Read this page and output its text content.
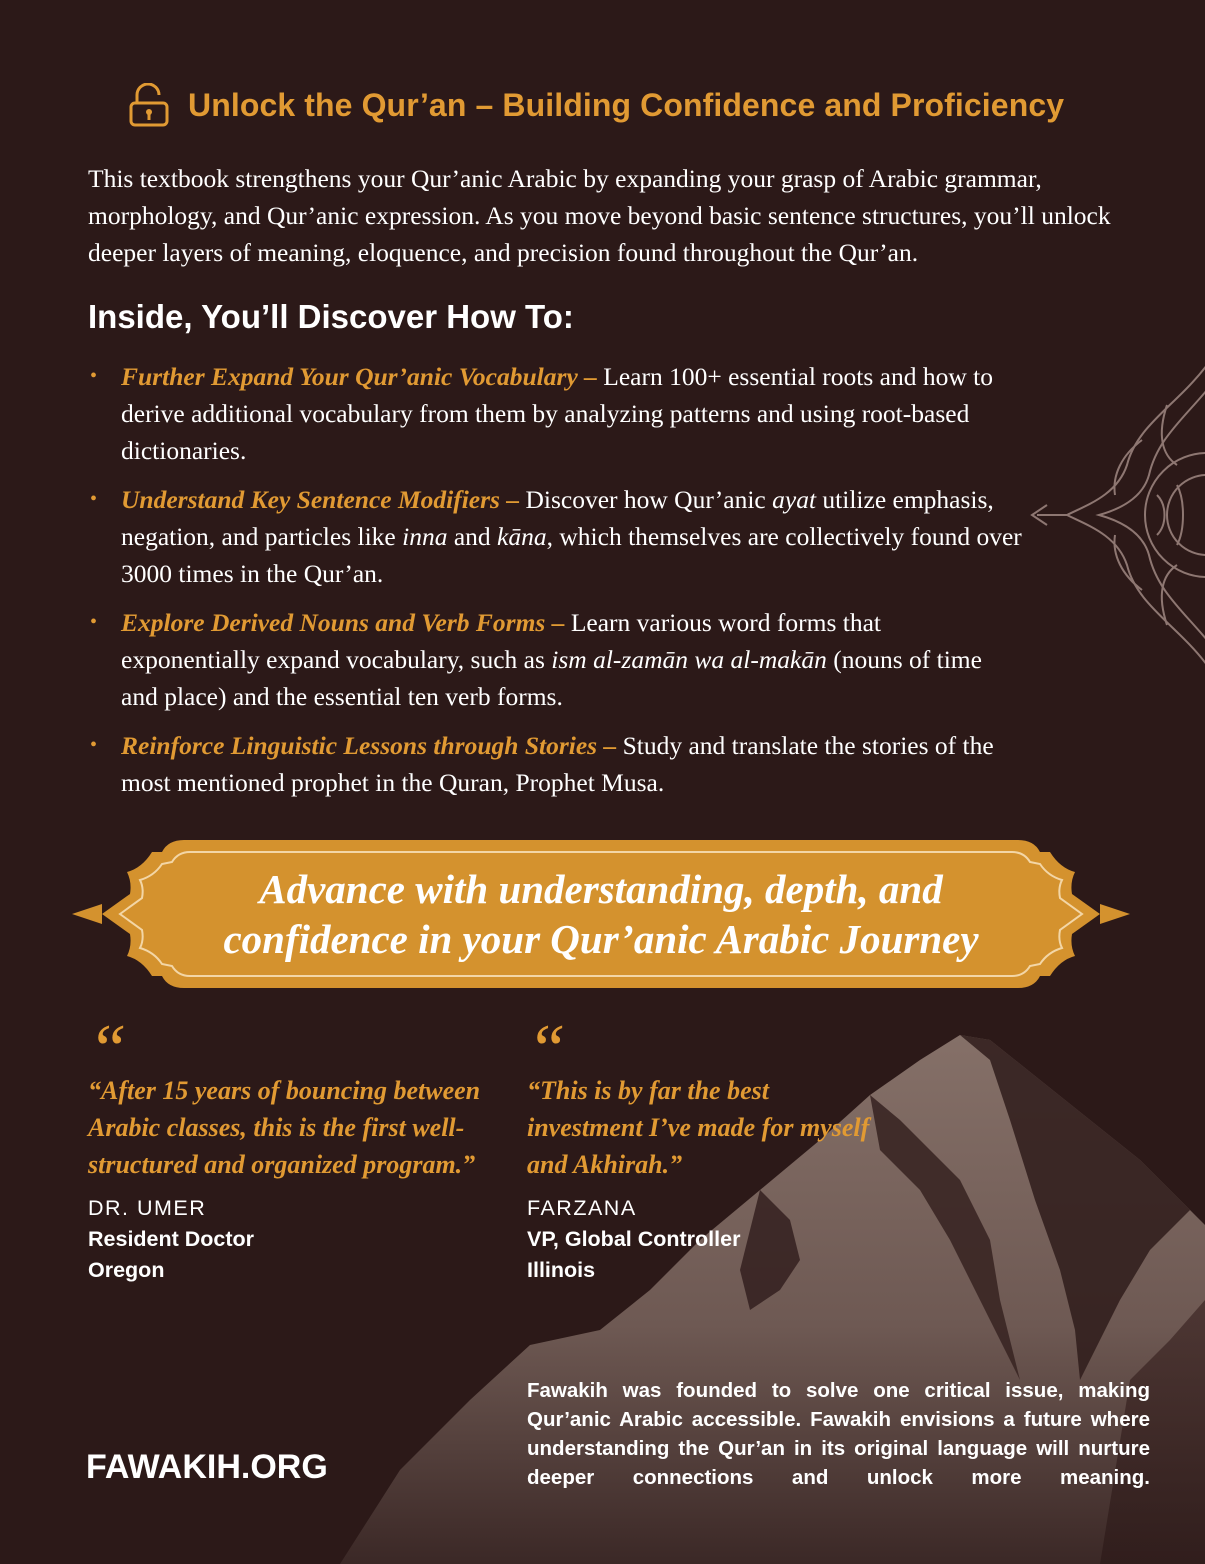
Unlock the Qur’an – Building Confidence and Proficiency

This textbook strengthens your Qur’anic Arabic by expanding your grasp of Arabic grammar, morphology, and Qur’anic expression. As you move beyond basic sentence structures, you’ll unlock deeper layers of meaning, eloquence, and precision found throughout the Qur’an.

Inside, You’ll Discover How To:
• Further Expand Your Qur’anic Vocabulary – Learn 100+ essential roots and how to derive additional vocabulary from them by analyzing patterns and using root-based dictionaries.
• Understand Key Sentence Modifiers – Discover how Qur’anic ayat utilize emphasis, negation, and particles like inna and kāna, which themselves are collectively found over 3000 times in the Qur’an.
• Explore Derived Nouns and Verb Forms – Learn various word forms that exponentially expand vocabulary, such as ism al-zamān wa al-makān (nouns of time and place) and the essential ten verb forms.
• Reinforce Linguistic Lessons through Stories – Study and translate the stories of the most mentioned prophet in the Quran, Prophet Musa.
Advance with understanding, depth, and
confidence in your Qur’anic Arabic Journey
“
“After 15 years of bouncing between Arabic classes, this is the first well-structured and organized program.”
DR. UMER
Resident Doctor
Oregon
“
“This is by far the best investment I’ve made for myself and Akhirah.”
FARZANA
VP, Global Controller
Illinois
FAWAKIH.ORG
Fawakih was founded to solve one critical issue, making Qur’anic Arabic accessible. Fawakih envisions a future where understanding the Qur’an in its original language will nurture deeper connections and unlock more meaning.
